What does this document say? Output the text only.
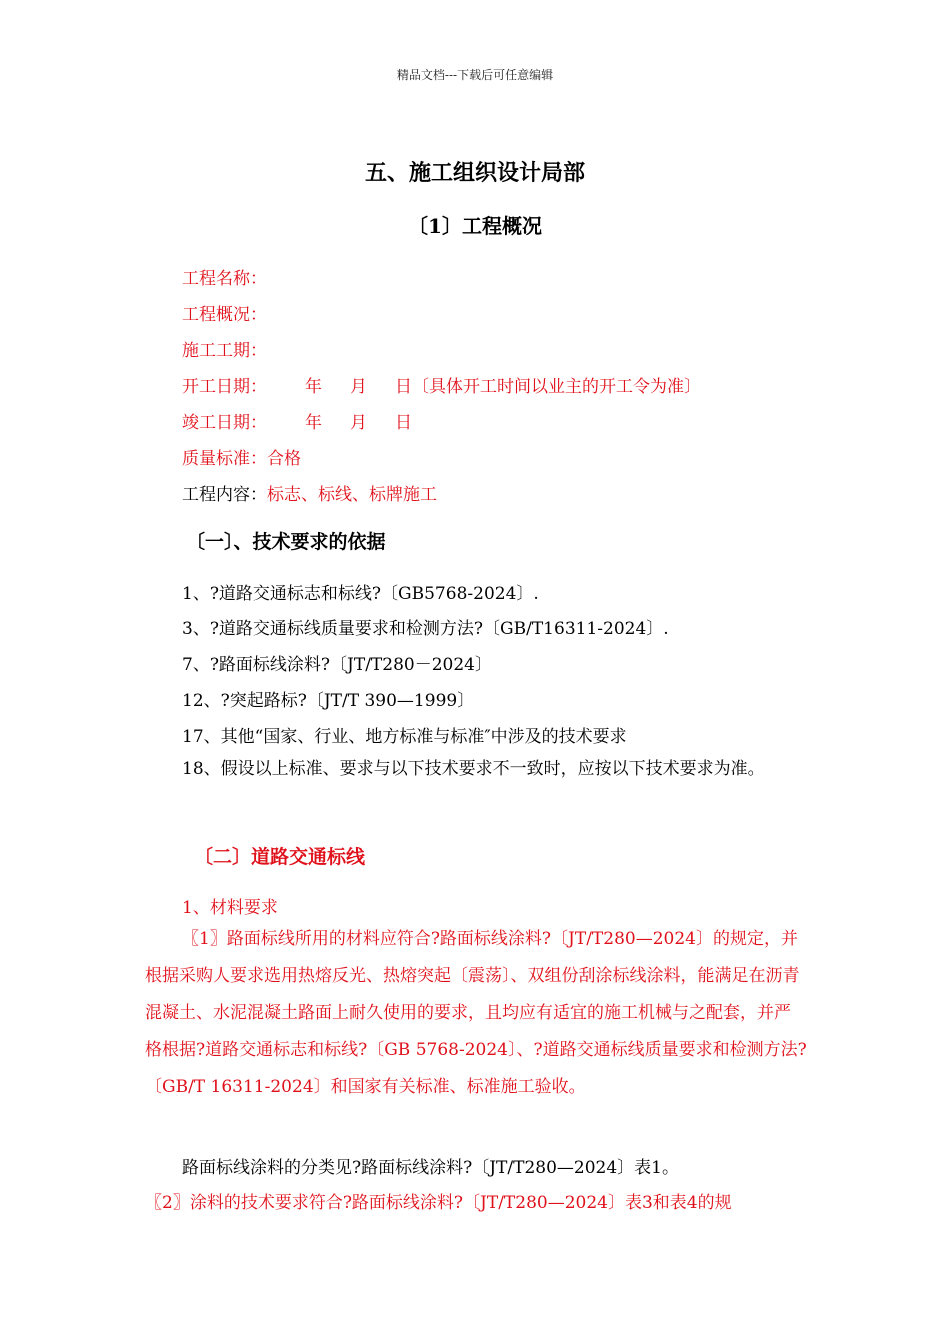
精品文档---下载后可任意编辑
五、施工组织设计局部
〔1〕工程概况
工程名称：
工程概况：
施工工期：
开工日期： 年 月 日〔具体开工时间以业主的开工令为准〕
竣工日期： 年 月 日
质量标准：合格
工程内容：标志、标线、标牌施工
〔一〕、技术要求的依据
1、?道路交通标志和标线?〔GB5768-2024〕.
3、?道路交通标线质量要求和检测方法?〔GB/T16311-2024〕.
7、?路面标线涂料?〔JT/T280－2024〕
12、?突起路标?〔JT/T 390—1999〕
17、其他“国家、行业、地方标准与标准″中涉及的技术要求
18、假设以上标准、要求与以下技术要求不一致时，应按以下技术要求为准。
〔二〕道路交通标线
1、材料要求
〖1〗路面标线所用的材料应符合?路面标线涂料?〔JT/T280—2024〕的规定，并根据采购人要求选用热熔反光、热熔突起〔震荡〕、双组份刮涂标线涂料，能满足在沥青混凝土、水泥混凝土路面上耐久使用的要求，且均应有适宜的施工机械与之配套，并严格根据?道路交通标志和标线?〔GB 5768-2024〕、?道路交通标线质量要求和检测方法?〔GB/T 16311-2024〕和国家有关标准、标准施工验收。
路面标线涂料的分类见?路面标线涂料?〔JT/T280—2024〕表1。
〖2〗涂料的技术要求符合?路面标线涂料?〔JT/T280—2024〕表3和表4的规
